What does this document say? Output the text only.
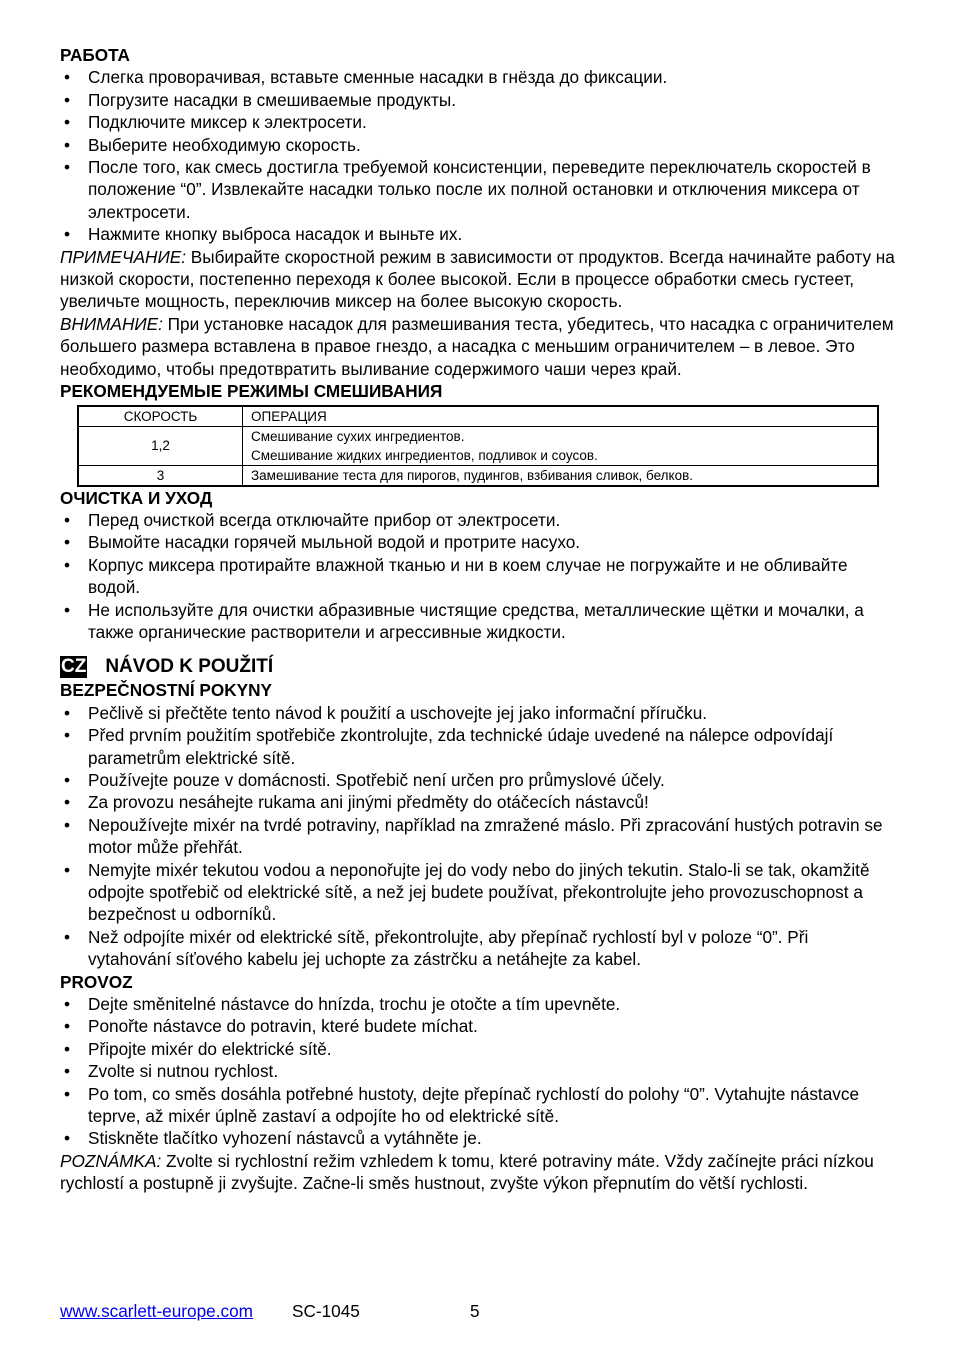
РАБОТА
• Слегка проворачивая, вставьте сменные насадки в гнёзда до фиксации.
• Погрузите насадки в смешиваемые продукты.
• Подключите миксер к электросети.
• Выберите необходимую скорость.
• После того, как смесь достигла требуемой консистенции, переведите переключатель скоростей в положение “0”. Извлекайте насадки только после их полной остановки и отключения миксера от электросети.
• Нажмите кнопку выброса насадок и выньте их.
ПРИМЕЧАНИЕ: Выбирайте скоростной режим в зависимости от продуктов. Всегда начинайте работу на низкой скорости, постепенно переходя к более высокой. Если в процессе обработки смесь густеет, увеличьте мощность, переключив миксер на более высокую скорость.
ВНИМАНИЕ: При установке насадок для размешивания теста, убедитесь, что насадка с ограничителем большего размера вставлена в правое гнездо, а насадка с меньшим ограничителем – в левое. Это необходимо, чтобы предотвратить выливание содержимого чаши через край.
РЕКОМЕНДУЕМЫЕ РЕЖИМЫ СМЕШИВАНИЯ
СКОРОСТЬ	ОПЕРАЦИЯ
1,2	Смешивание сухих ингредиентов.
Смешивание жидких ингредиентов, подливок и соусов.

3	Замешивание теста для пирогов, пудингов, взбивания сливок, белков.
ОЧИСТКА И УХОД
• Перед очисткой всегда отключайте прибор от электросети.
• Вымойте насадки горячей мыльной водой и протрите насухо.
• Корпус миксера протирайте влажной тканью и ни в коем случае не погружайте и не обливайте водой.
• Не используйте для очистки абразивные чистящие средства, металлические щётки и мочалки, а также органические растворители и агрессивные жидкости.
CZ NÁVOD K POUŽITÍ
BEZPEČNOSTNÍ POKYNY
• Pečlivě si přečtěte tento návod k použití a uschovejte jej jako informační příručku.
• Před prvním použitím spotřebiče zkontrolujte, zda technické údaje uvedené na nálepce odpovídají parametrům elektrické sítě.
• Používejte pouze v domácnosti. Spotřebič není určen pro průmyslové účely.
• Za provozu nesáhejte rukama ani jinými předměty do otáčecích nástavců!
• Nepoužívejte mixér na tvrdé potraviny, například na zmražené máslo. Při zpracování hustých potravin se motor může přehřát.
• Nemyjte mixér tekutou vodou a neponořujte jej do vody nebo do jiných tekutin. Stalo-li se tak, okamžitě odpojte spotřebič od elektrické sítě, a než jej budete používat, překontrolujte jeho provozuschopnost a bezpečnost u odborníků.
• Než odpojíte mixér od elektrické sítě, překontrolujte, aby přepínač rychlostí byl v poloze “0”. Při vytahování síťového kabelu jej uchopte za zástrčku a netáhejte za kabel.
PROVOZ
• Dejte směnitelné nástavce do hnízda, trochu je otočte a tím upevněte.
• Ponořte nástavce do potravin, které budete míchat.
• Připojte mixér do elektrické sítě.
• Zvolte si nutnou rychlost.
• Po tom, co směs dosáhla potřebné hustoty, dejte přepínač rychlostí do polohy “0”. Vytahujte nástavce teprve, až mixér úplně zastaví a odpojíte ho od elektrické sítě.
• Stiskněte tlačítko vyhození nástavců a vytáhněte je.
POZNÁMKA: Zvolte si rychlostní režim vzhledem k tomu, které potraviny máte. Vždy začínejte práci nízkou rychlostí a postupně ji zvyšujte. Začne-li směs hustnout, zvyšte výkon přepnutím do větší rychlosti.
www.scarlett-europe.com SC-1045	5
